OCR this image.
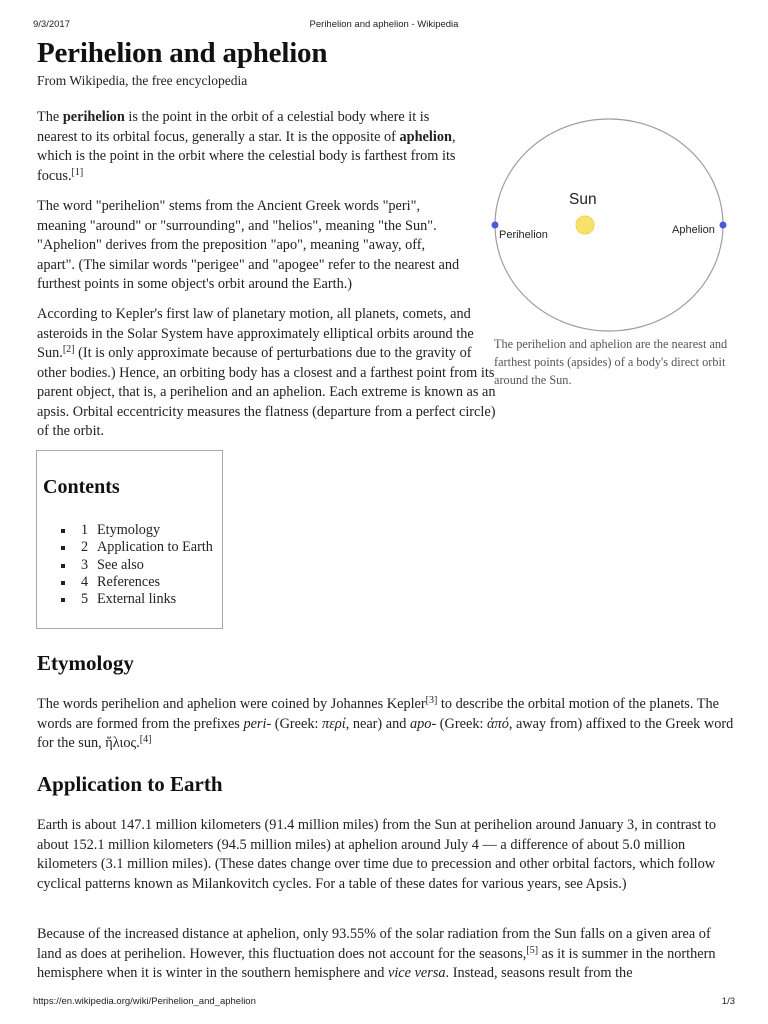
9/3/2017	Perihelion and aphelion - Wikipedia
Perihelion and aphelion
From Wikipedia, the free encyclopedia

The perihelion is the point in the orbit of a celestial body where it is nearest to its orbital focus, generally a star. It is the opposite of aphelion, which is the point in the orbit where the celestial body is farthest from its focus.[1]

The word "perihelion" stems from the Ancient Greek words "peri", meaning "around" or "surrounding", and "helios", meaning "the Sun". "Aphelion" derives from the preposition "apo", meaning "away, off, apart". (The similar words "perigee" and "apogee" refer to the nearest and furthest points in some object's orbit around the Earth.)

According to Kepler's first law of planetary motion, all planets, comets, and asteroids in the Solar System have approximately elliptical orbits around the Sun.[2] (It is only approximate because of perturbations due to the gravity of other bodies.) Hence, an orbiting body has a closest and a farthest point from its parent object, that is, a perihelion and an aphelion. Each extreme is known as an apsis. Orbital eccentricity measures the flatness (departure from a perfect circle) of the orbit.

Sun
Perihelion	Aphelion
The perihelion and aphelion are the nearest and farthest points (apsides) of a body's direct orbit around the Sun.
Contents
1 Etymology
2 Application to Earth
3 See also
4 References
5 External links
Etymology

The words perihelion and aphelion were coined by Johannes Kepler[3] to describe the orbital motion of the planets. The words are formed from the prefixes peri- (Greek: περί, near) and apo- (Greek: ἀπό, away from) affixed to the Greek word for the sun, ἥλιος.[4]

Application to Earth

Earth is about 147.1 million kilometers (91.4 million miles) from the Sun at perihelion around January 3, in contrast to about 152.1 million kilometers (94.5 million miles) at aphelion around July 4 — a difference of about 5.0 million kilometers (3.1 million miles). (These dates change over time due to precession and other orbital factors, which follow cyclical patterns known as Milankovitch cycles. For a table of these dates for various years, see Apsis.)

Because of the increased distance at aphelion, only 93.55% of the solar radiation from the Sun falls on a given area of land as does at perihelion. However, this fluctuation does not account for the seasons,[5] as it is summer in the northern hemisphere when it is winter in the southern hemisphere and vice versa. Instead, seasons result from the

https://en.wikipedia.org/wiki/Perihelion_and_aphelion	1/3
